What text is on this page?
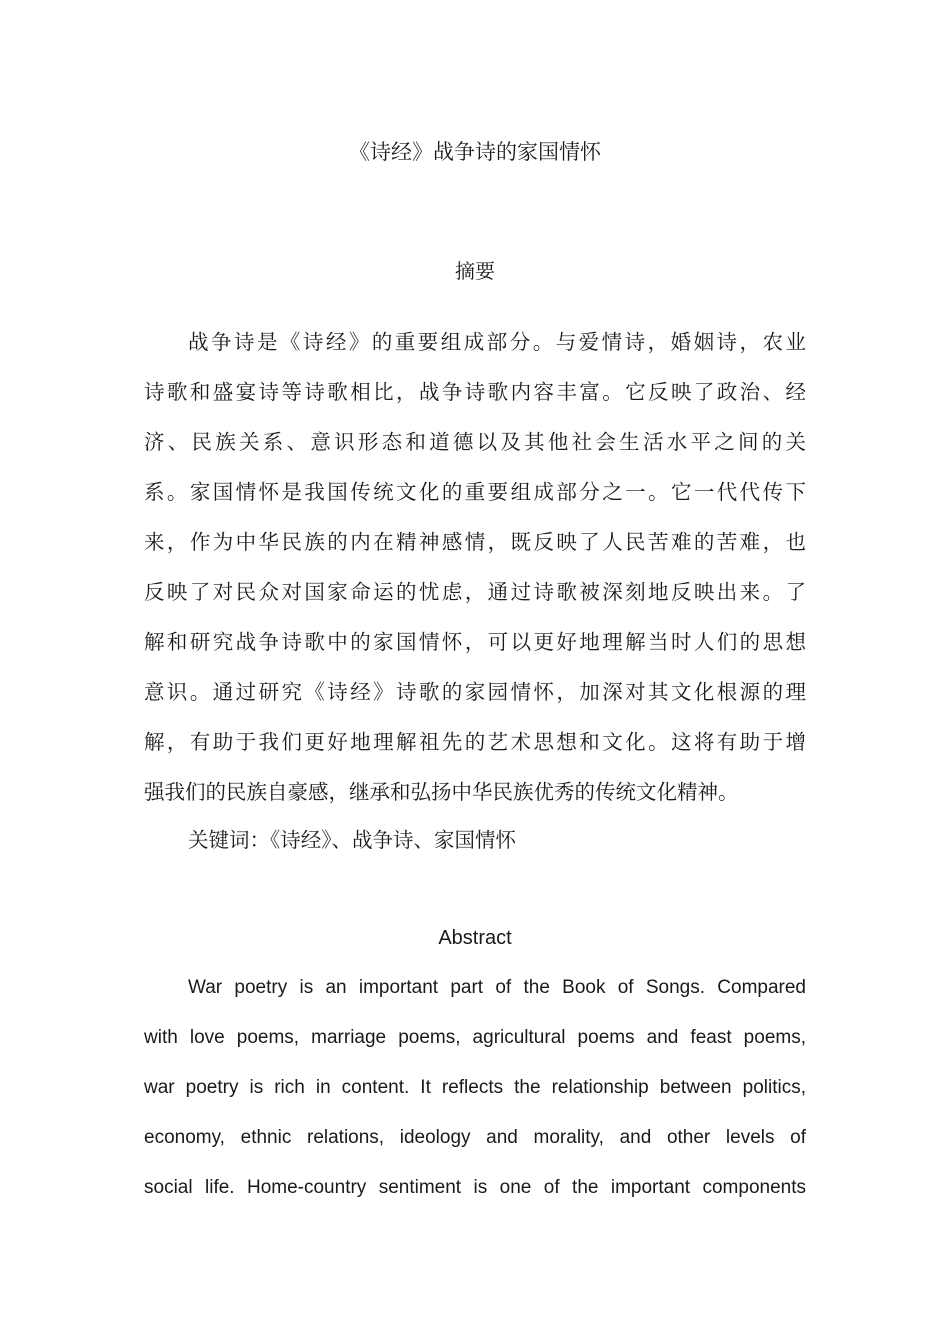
《诗经》战争诗的家国情怀
摘要
战争诗是《诗经》的重要组成部分。与爱情诗，婚姻诗，农业
诗歌和盛宴诗等诗歌相比，战争诗歌内容丰富。它反映了政治、经
济、民族关系、意识形态和道德以及其他社会生活水平之间的关
系。家国情怀是我国传统文化的重要组成部分之一。它一代代传下
来，作为中华民族的内在精神感情，既反映了人民苦难的苦难，也
反映了对民众对国家命运的忧虑，通过诗歌被深刻地反映出来。了
解和研究战争诗歌中的家国情怀，可以更好地理解当时人们的思想
意识。通过研究《诗经》诗歌的家园情怀，加深对其文化根源的理
解，有助于我们更好地理解祖先的艺术思想和文化。这将有助于增
强我们的民族自豪感，继承和弘扬中华民族优秀的传统文化精神。
关键词：《诗经》、战争诗、家国情怀
Abstract
War poetry is an important part of the Book of Songs. Compared
with love poems, marriage poems, agricultural poems and feast poems,
war poetry is rich in content. It reflects the relationship between politics,
economy, ethnic relations, ideology and morality, and other levels of
social life. Home-country sentiment is one of the important components
